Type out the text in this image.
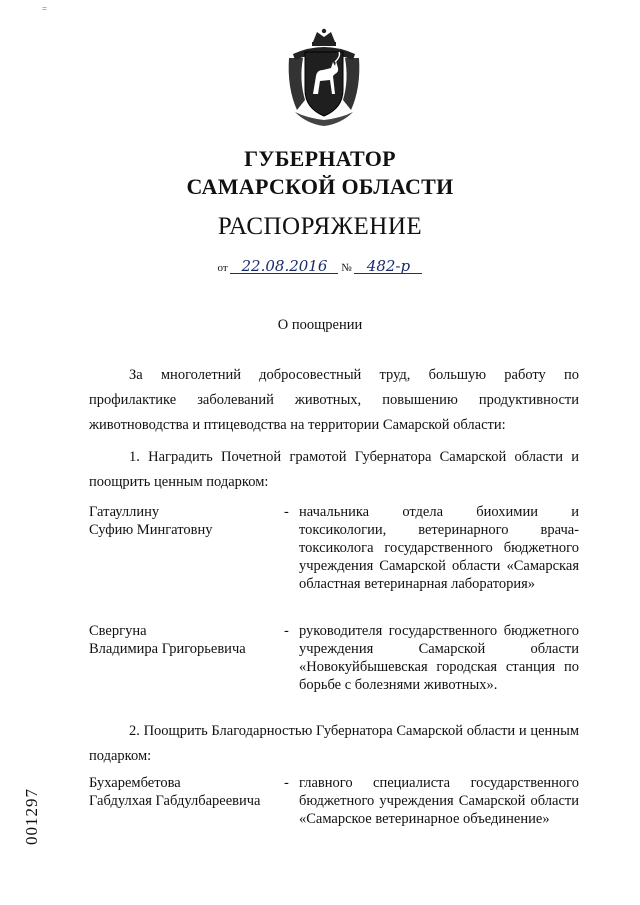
=
ГУБЕРНАТОР
САМАРСКОЙ ОБЛАСТИ
РАСПОРЯЖЕНИЕ
от 22.08.2016 № 482-р
О поощрении
За многолетний добросовестный труд, большую работу по профилактике заболеваний животных, повышению продуктивности животноводства и птицеводства на территории Самарской области:
1. Наградить Почетной грамотой Губернатора Самарской области и поощрить ценным подарком:
Гатауллину
Суфию Мингатовну
- начальника отдела биохимии и токсикологии, ветеринарного врача-токсиколога государственного бюджетного учреждения Самарской области «Самарская областная ветеринарная лаборатория»
Свергуна
Владимира Григорьевича
- руководителя государственного бюджетного учреждения Самарской области «Новокуйбышевская городская станция по борьбе с болезнями животных».
2. Поощрить Благодарностью Губернатора Самарской области и ценным подарком:
Бухарембетова
Габдулхая Габдулбареевича
- главного специалиста государственного бюджетного учреждения Самарской области «Самарское ветеринарное объединение»
001297
